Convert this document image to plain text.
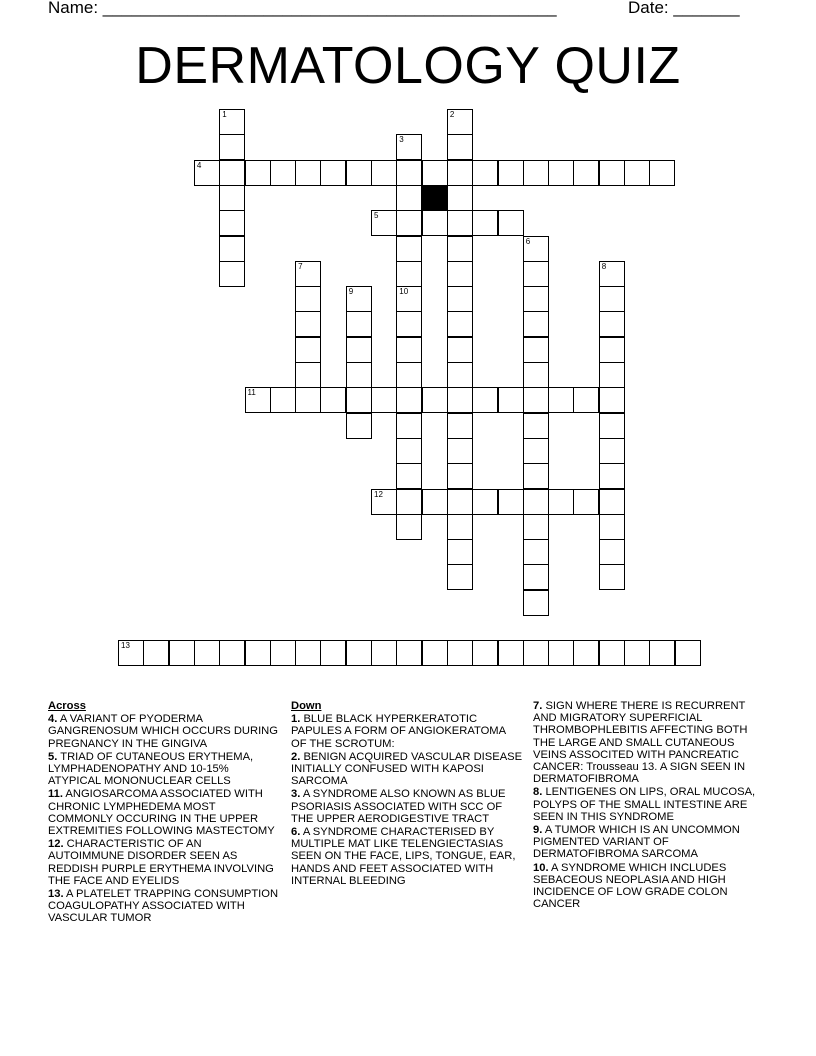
Name: ________________________________________________	Date: _______
DERMATOLOGY QUIZ
1	2
3
4
5
6
7	8
9	10
11
12
13
Across
4. A VARIANT OF PYODERMA GANGRENOSUM WHICH OCCURS DURING PREGNANCY IN THE GINGIVA
5. TRIAD OF CUTANEOUS ERYTHEMA, LYMPHADENOPATHY AND 10-15% ATYPICAL MONONUCLEAR CELLS
11. ANGIOSARCOMA ASSOCIATED WITH CHRONIC LYMPHEDEMA MOST COMMONLY OCCURING IN THE UPPER EXTREMITIES FOLLOWING MASTECTOMY
12. CHARACTERISTIC OF AN AUTOIMMUNE DISORDER SEEN AS REDDISH PURPLE ERYTHEMA INVOLVING THE FACE AND EYELIDS
13. A PLATELET TRAPPING CONSUMPTION COAGULOPATHY ASSOCIATED WITH VASCULAR TUMOR
Down
1. BLUE BLACK HYPERKERATOTIC PAPULES A FORM OF ANGIOKERATOMA OF THE SCROTUM:
2. BENIGN ACQUIRED VASCULAR DISEASE INITIALLY CONFUSED WITH KAPOSI SARCOMA
3. A SYNDROME ALSO KNOWN AS BLUE PSORIASIS ASSOCIATED WITH SCC OF THE UPPER AERODIGESTIVE TRACT
6. A SYNDROME CHARACTERISED BY MULTIPLE MAT LIKE TELENGIECTASIAS SEEN ON THE FACE, LIPS, TONGUE, EAR, HANDS AND FEET ASSOCIATED WITH INTERNAL BLEEDING
7. SIGN WHERE THERE IS RECURRENT AND MIGRATORY SUPERFICIAL THROMBOPHLEBITIS AFFECTING BOTH THE LARGE AND SMALL CUTANEOUS VEINS ASSOCITED WITH PANCREATIC CANCER: Trousseau 13. A SIGN SEEN IN DERMATOFIBROMA
8. LENTIGENES ON LIPS, ORAL MUCOSA, POLYPS OF THE SMALL INTESTINE ARE SEEN IN THIS SYNDROME
9. A TUMOR WHICH IS AN UNCOMMON PIGMENTED VARIANT OF DERMATOFIBROMA SARCOMA
10. A SYNDROME WHICH INCLUDES SEBACEOUS NEOPLASIA AND HIGH INCIDENCE OF LOW GRADE COLON CANCER
